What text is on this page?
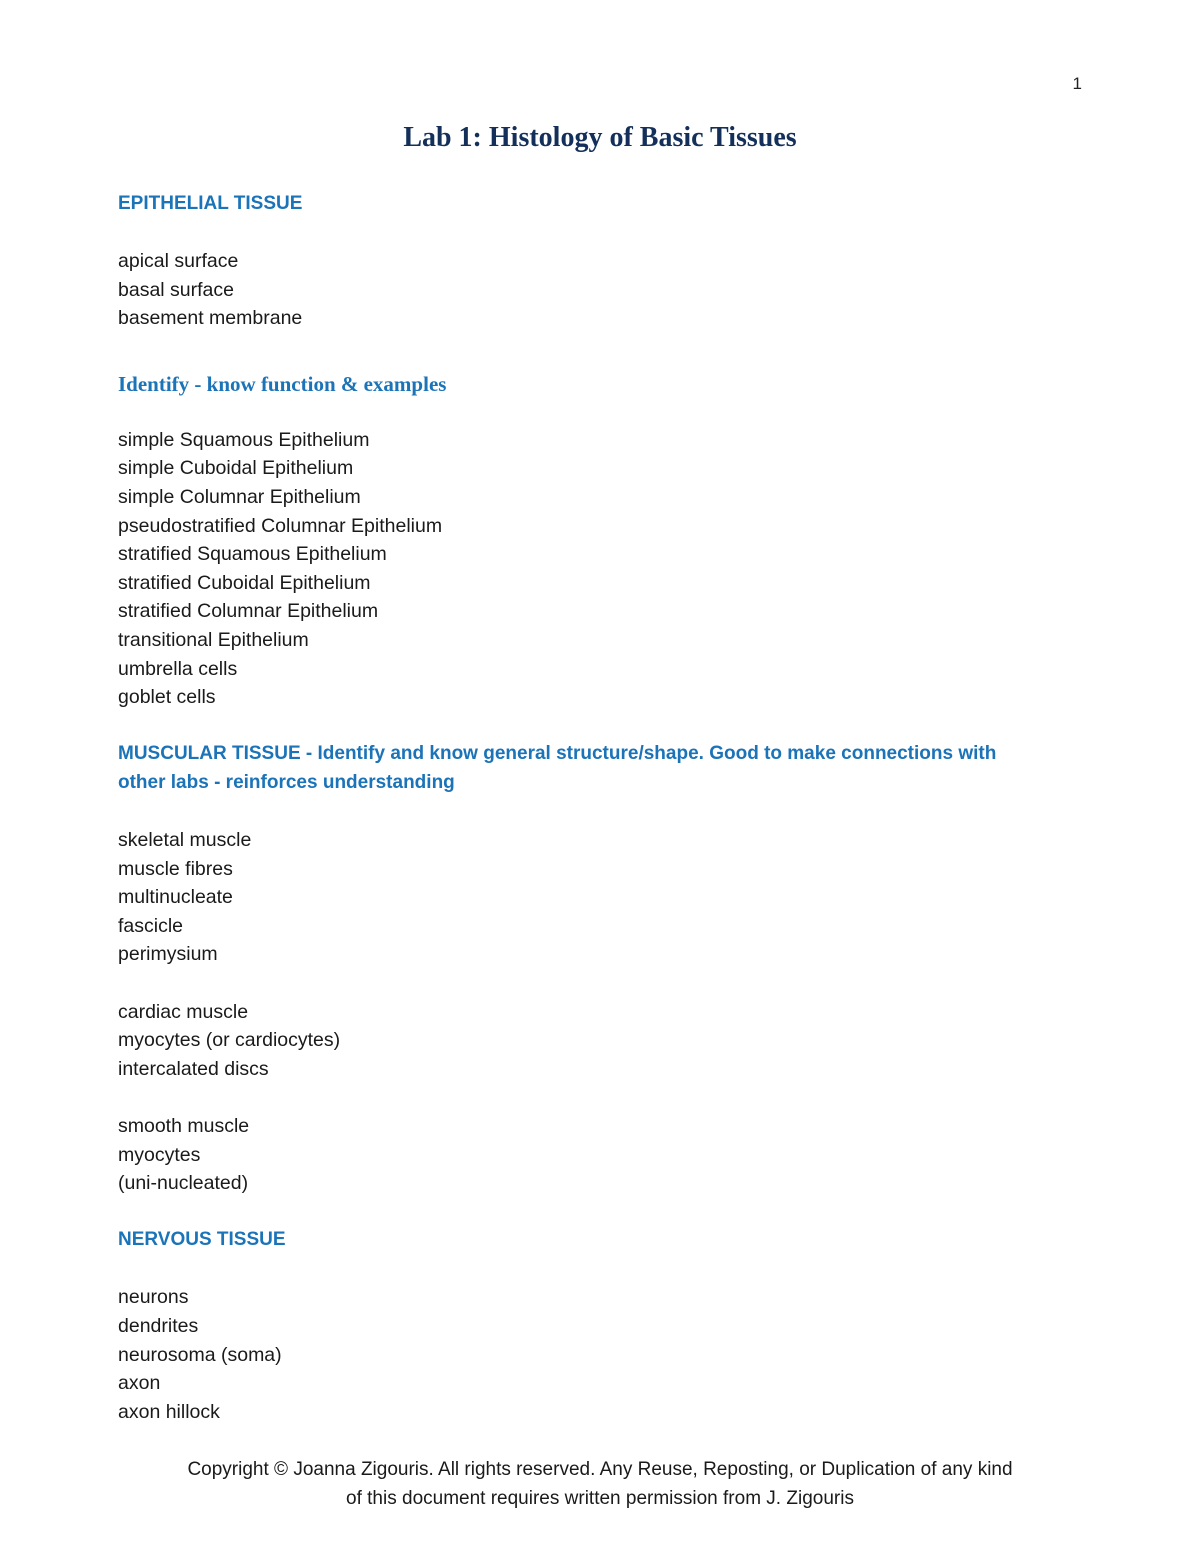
1
Lab 1: Histology of Basic Tissues

EPITHELIAL TISSUE

apical surface

basal surface

basement membrane

Identify - know function & examples

simple Squamous Epithelium

simple Cuboidal Epithelium

simple Columnar Epithelium

pseudostratified Columnar Epithelium

stratified Squamous Epithelium

stratified Cuboidal Epithelium

stratified Columnar Epithelium

transitional Epithelium

umbrella cells

goblet cells

MUSCULAR TISSUE - Identify and know general structure/shape. Good to make connections with

other labs - reinforces understanding

skeletal muscle

muscle fibres

multinucleate

fascicle

perimysium

cardiac muscle

myocytes (or cardiocytes)

intercalated discs

smooth muscle

myocytes

(uni-nucleated)

NERVOUS TISSUE

neurons

dendrites

neurosoma (soma)

axon

axon hillock

Copyright © Joanna Zigouris. All rights reserved. Any Reuse, Reposting, or Duplication of any kind
of this document requires written permission from J. Zigouris
